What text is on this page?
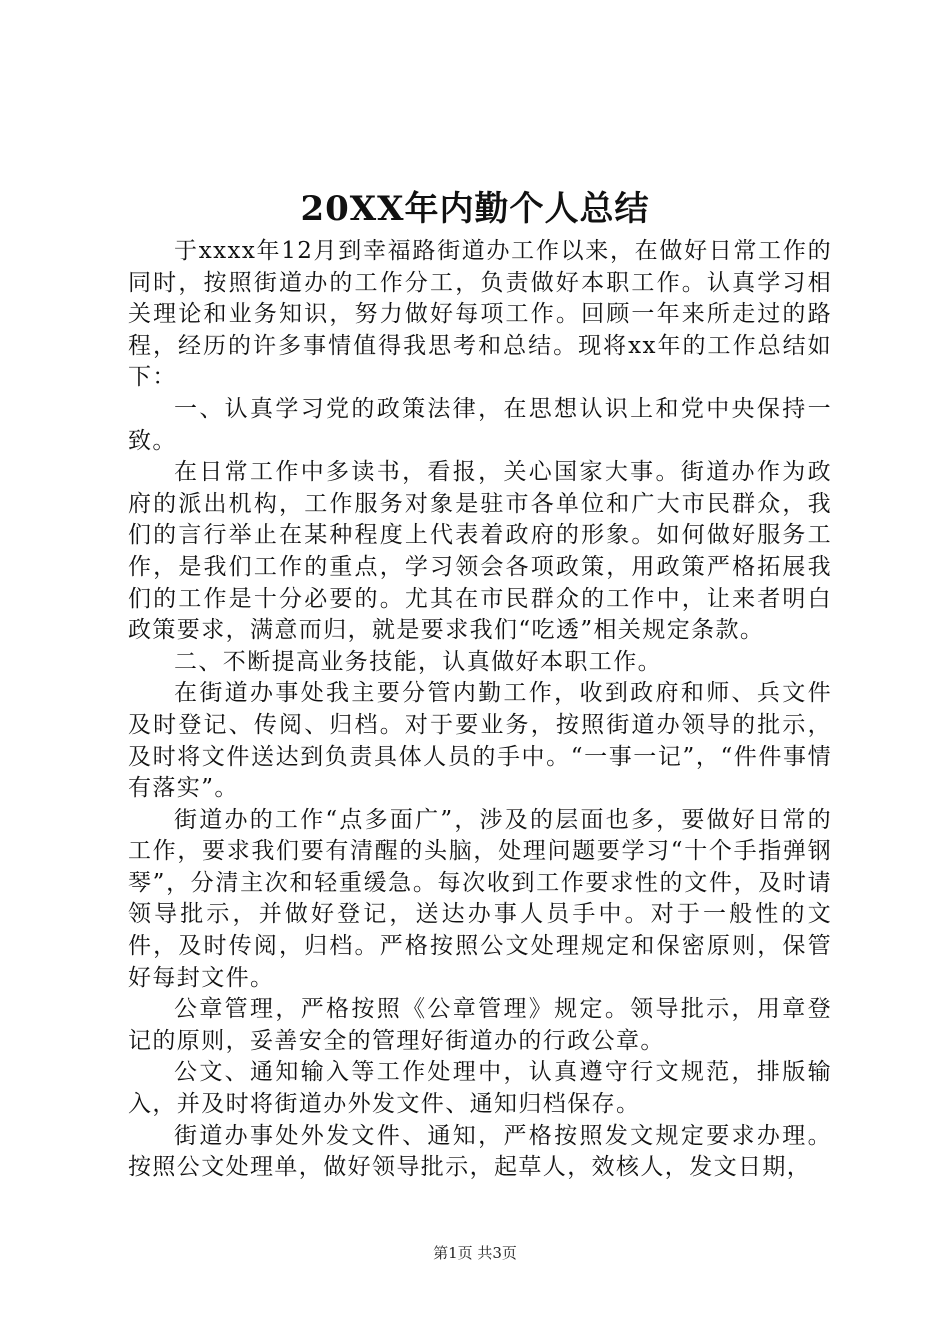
20XX年内勤个人总结

于xxxx年12月到幸福路街道办工作以来，在做好日常工作的同时，按照街道办的工作分工，负责做好本职工作。认真学习相关理论和业务知识，努力做好每项工作。回顾一年来所走过的路程，经历的许多事情值得我思考和总结。现将xx年的工作总结如下：

一、认真学习党的政策法律，在思想认识上和党中央保持一致。

在日常工作中多读书，看报，关心国家大事。街道办作为政府的派出机构，工作服务对象是驻市各单位和广大市民群众，我们的言行举止在某种程度上代表着政府的形象。如何做好服务工作，是我们工作的重点，学习领会各项政策，用政策严格拓展我们的工作是十分必要的。尤其在市民群众的工作中，让来者明白政策要求，满意而归，就是要求我们“吃透”相关规定条款。

二、不断提高业务技能，认真做好本职工作。

在街道办事处我主要分管内勤工作，收到政府和师、兵文件及时登记、传阅、归档。对于要业务，按照街道办领导的批示，及时将文件送达到负责具体人员的手中。“一事一记”，“件件事情有落实”。

街道办的工作“点多面广”，涉及的层面也多，要做好日常的工作，要求我们要有清醒的头脑，处理问题要学习“十个手指弹钢琴”，分清主次和轻重缓急。每次收到工作要求性的文件，及时请领导批示，并做好登记，送达办事人员手中。对于一般性的文件，及时传阅，归档。严格按照公文处理规定和保密原则，保管好每封文件。

公章管理，严格按照《公章管理》规定。领导批示，用章登记的原则，妥善安全的管理好街道办的行政公章。

公文、通知输入等工作处理中，认真遵守行文规范，排版输入，并及时将街道办外发文件、通知归档保存。

街道办事处外发文件、通知，严格按照发文规定要求办理。按照公文处理单，做好领导批示，起草人，效核人，发文日期，

第1页 共3页
